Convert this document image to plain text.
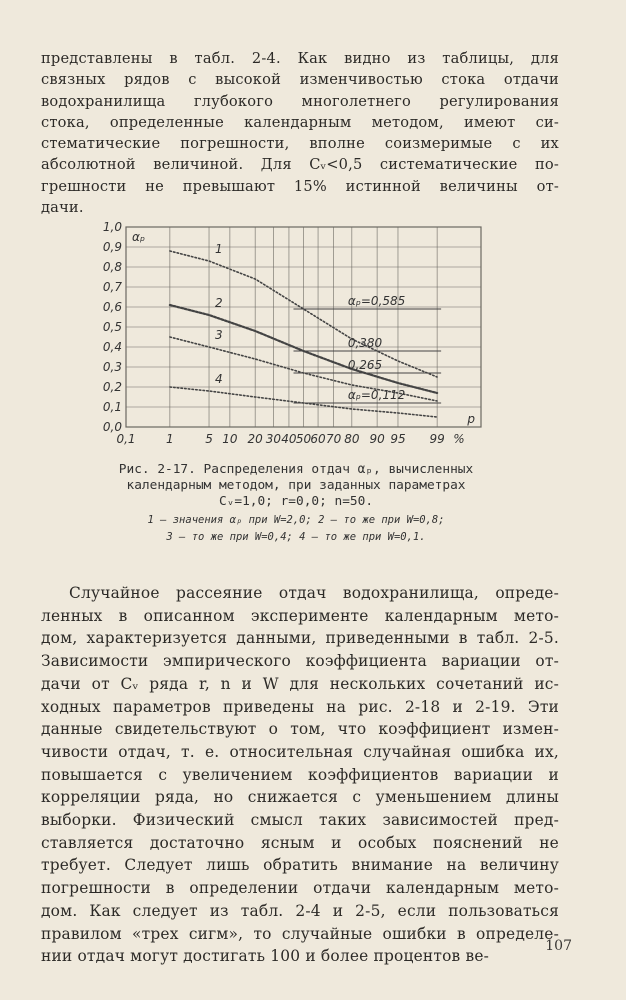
представлены в табл. 2-4. Как видно из таблицы, для
связных рядов с высокой изменчивостью стока отдачи
водохранилища глубокого многолетнего регулирования
стока, определенные календарным методом, имеют си-
стематические погрешности, вполне соизмеримые с их
абсолютной величиной. Для Cᵥ<0,5 систематические по-
грешности не превышают 15% истинной величины от-
дачи.
0,0
0,1
0,2
0,3
0,4
0,5
0,6
0,7
0,8
0,9
1,0
0,1	1	5 10 20 30 40 50 60 70 80 90 95 99 %
1
αₚ=0,585
2
0,380
3
0,265
4
αₚ=0,112
αₚ
p
Рис. 2-17. Распределения отдач αₚ, вычисленных
календарным методом, при заданных параметрах
Cᵥ=1,0; r=0,0; n=50.
1 — значения αₚ при W=2,0; 2 — то же при W=0,8;
3 — то же при W=0,4; 4 — то же при W=0,1.
Случайное рассеяние отдач водохранилища, опреде-
ленных в описанном эксперименте календарным мето-
дом, характеризуется данными, приведенными в табл. 2-5.
Зависимости эмпирического коэффициента вариации от-
дачи от Cᵥ ряда r, n и W для нескольких сочетаний ис-
ходных параметров приведены на рис. 2-18 и 2-19. Эти
данные свидетельствуют о том, что коэффициент измен-
чивости отдач, т. е. относительная случайная ошибка их,
повышается с увеличением коэффициентов вариации и
корреляции ряда, но снижается с уменьшением длины
выборки. Физический смысл таких зависимостей пред-
ставляется достаточно ясным и особых пояснений не
требует. Следует лишь обратить внимание на величину
погрешности в определении отдачи календарным мето-
дом. Как следует из табл. 2-4 и 2-5, если пользоваться
правилом «трех сигм», то случайные ошибки в определе-
нии отдач могут достигать 100 и более процентов ве-
107
